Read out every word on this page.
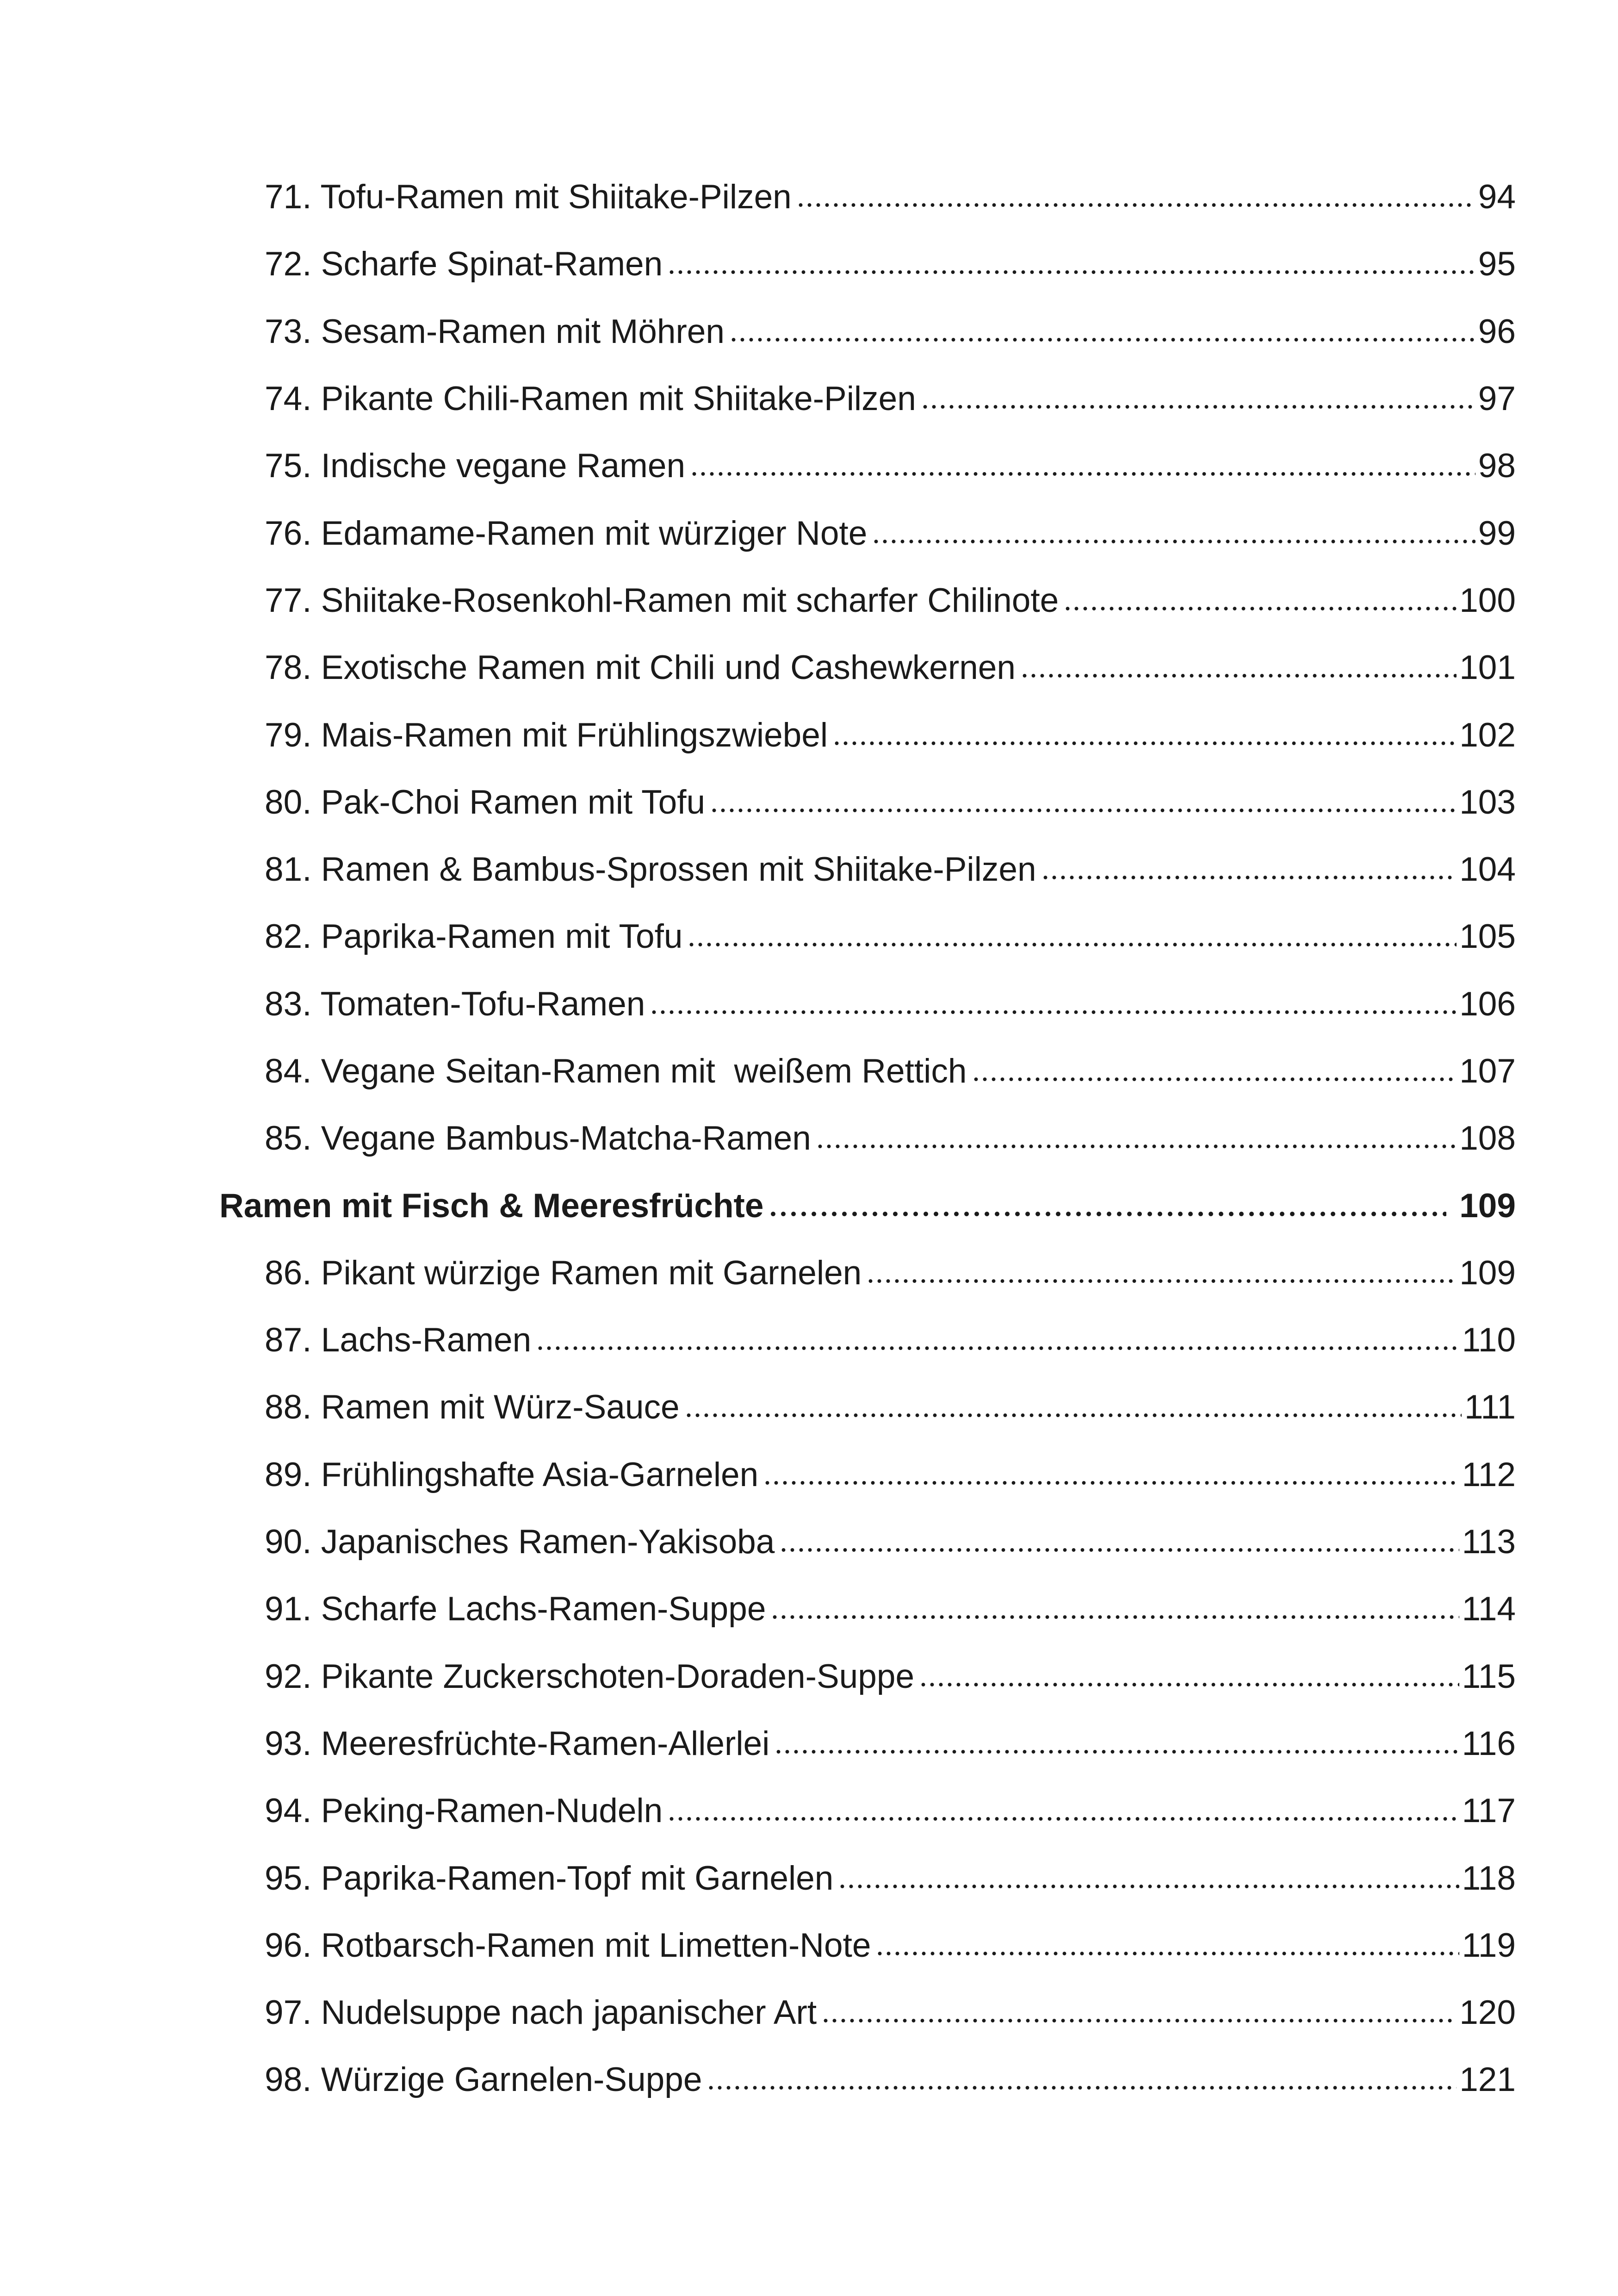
71. Tofu-Ramen mit Shiitake-Pilzen	94
72. Scharfe Spinat-Ramen	95
73. Sesam-Ramen mit Möhren	96
74. Pikante Chili-Ramen mit Shiitake-Pilzen	97
75. Indische vegane Ramen	98
76. Edamame-Ramen mit würziger Note	99
77. Shiitake-Rosenkohl-Ramen mit scharfer Chilinote	100
78. Exotische Ramen mit Chili und Cashewkernen	101
79. Mais-Ramen mit Frühlingszwiebel	102
80. Pak-Choi Ramen mit Tofu	103
81. Ramen & Bambus-Sprossen mit Shiitake-Pilzen	104
82. Paprika-Ramen mit Tofu	105
83. Tomaten-Tofu-Ramen	106
84. Vegane Seitan-Ramen mit  weißem Rettich	107
85. Vegane Bambus-Matcha-Ramen	108
Ramen mit Fisch & Meeresfrüchte	109
86. Pikant würzige Ramen mit Garnelen	109
87. Lachs-Ramen	110
88. Ramen mit Würz-Sauce	111
89. Frühlingshafte Asia-Garnelen	112
90. Japanisches Ramen-Yakisoba	113
91. Scharfe Lachs-Ramen-Suppe	114
92. Pikante Zuckerschoten-Doraden-Suppe	115
93. Meeresfrüchte-Ramen-Allerlei	116
94. Peking-Ramen-Nudeln	117
95. Paprika-Ramen-Topf mit Garnelen	118
96. Rotbarsch-Ramen mit Limetten-Note	119
97. Nudelsuppe nach japanischer Art	120
98. Würzige Garnelen-Suppe	121
